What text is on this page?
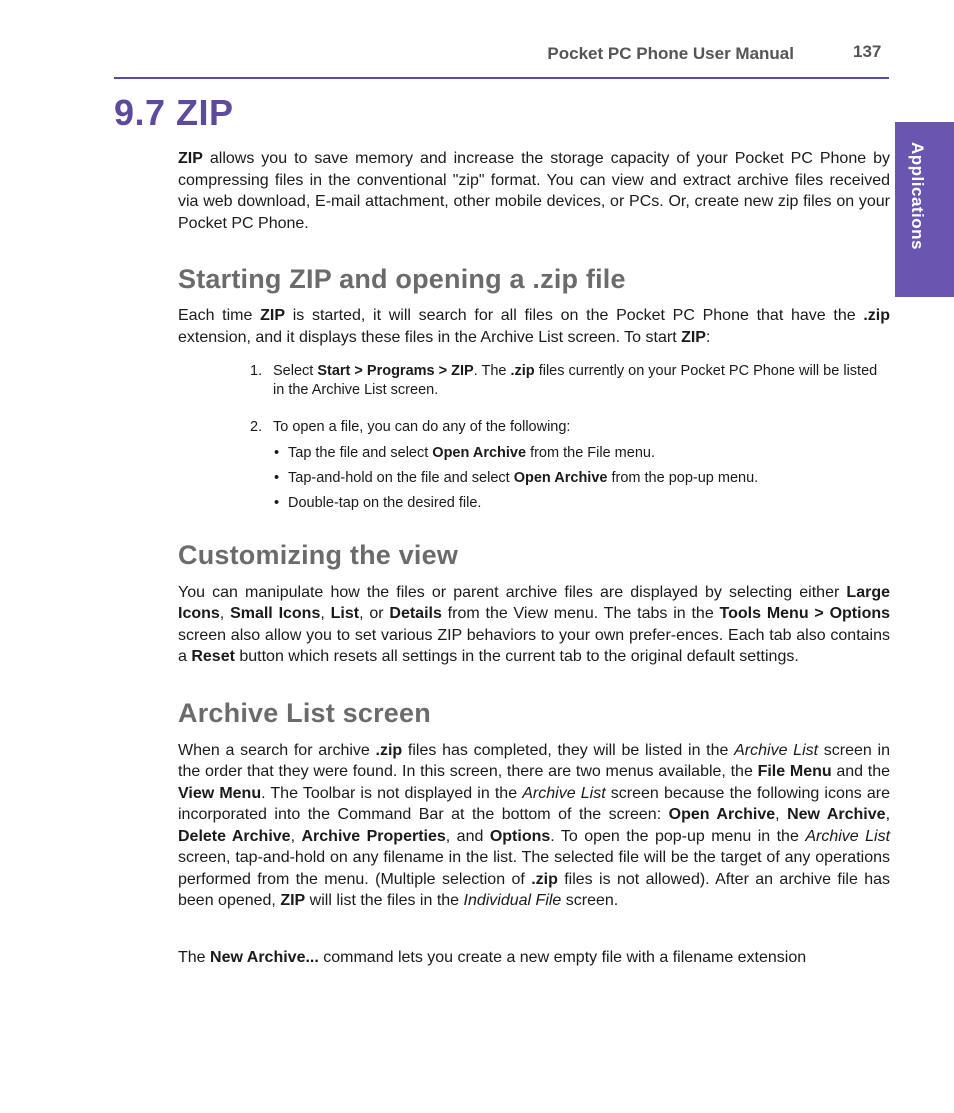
Pocket PC Phone User Manual	137
Applications
9.7 ZIP

ZIP allows you to save memory and increase the storage capacity of your Pocket PC Phone by compressing files in the conventional "zip" format. You can view and extract archive files received via web download, E-mail attachment, other mobile devices, or PCs. Or, create new zip files on your Pocket PC Phone.

Starting ZIP and opening a .zip file

Each time ZIP is started, it will search for all files on the Pocket PC Phone that have the .zip extension, and it displays these files in the Archive List screen. To start ZIP:

1. Select Start > Programs > ZIP. The .zip files currently on your Pocket PC Phone will be listed in the Archive List screen.
2. To open a file, you can do any of the following:
• Tap the file and select Open Archive from the File menu.
• Tap-and-hold on the file and select Open Archive from the pop-up menu.
• Double-tap on the desired file.
Customizing the view

You can manipulate how the files or parent archive files are displayed by selecting either Large Icons, Small Icons, List, or Details from the View menu. The tabs in the Tools Menu > Options screen also allow you to set various ZIP behaviors to your own prefer-ences. Each tab also contains a Reset button which resets all settings in the current tab to the original default settings.

Archive List screen

When a search for archive .zip files has completed, they will be listed in the Archive List screen in the order that they were found. In this screen, there are two menus available, the File Menu and the View Menu. The Toolbar is not displayed in the Archive List screen because the following icons are incorporated into the Command Bar at the bottom of the screen: Open Archive, New Archive, Delete Archive, Archive Properties, and Options. To open the pop-up menu in the Archive List screen, tap-and-hold on any filename in the list. The selected file will be the target of any operations performed from the menu. (Multiple selection of .zip files is not allowed). After an archive file has been opened, ZIP will list the files in the Individual File screen.

The New Archive... command lets you create a new empty file with a filename extension
